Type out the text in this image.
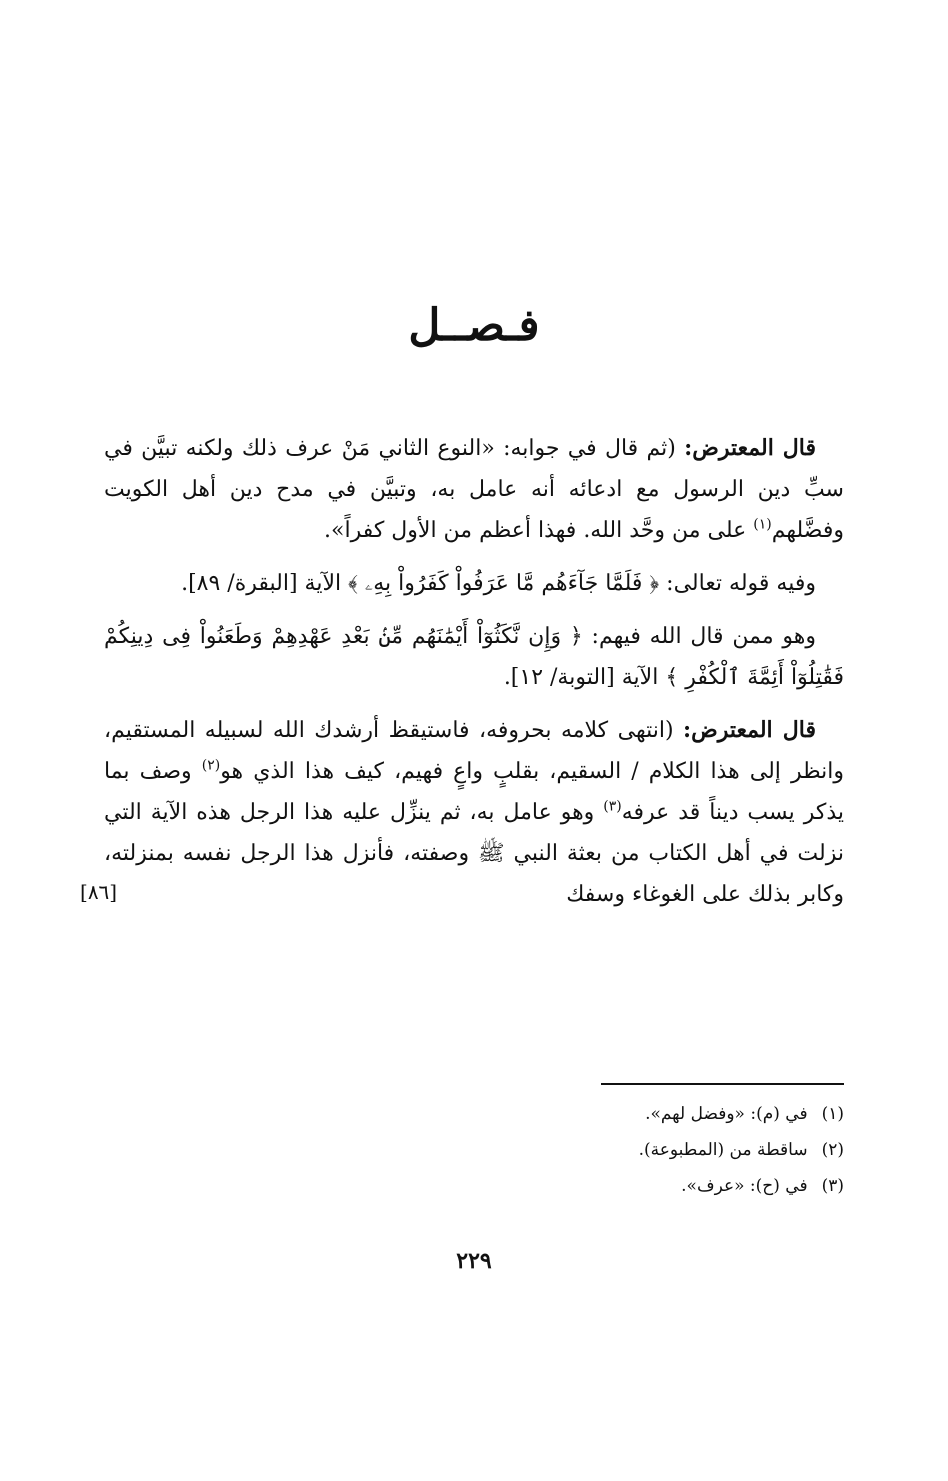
فـصــل

قال المعترض: (ثم قال في جوابه: «النوع الثاني مَنْ عرف ذلك ولكنه تبيَّن في سبِّ دين الرسول مع ادعائه أنه عامل به، وتبيَّن في مدح دين أهل الكويت وفضَّلهم$^{(١)}$ على من وحَّد الله. فهذا أعظم من الأول كفراً».

وفيه قوله تعالى: ﴿ فَلَمَّا جَآءَهُم مَّا عَرَفُواْ كَفَرُواْ بِهِۦ ﴾ الآية [البقرة/ ٨٩].

وهو ممن قال الله فيهم: ﴿ وَإِن نَّكَثُوٓاْ أَيْمَٰنَهُم مِّنۢ بَعْدِ عَهْدِهِمْ وَطَعَنُواْ فِى دِينِكُمْ فَقَٰتِلُوٓاْ أَئِمَّةَ ٱلْكُفْرِ ﴾ الآية [التوبة/ ١٢].

قال المعترض: (انتهى كلامه بحروفه، فاستيقظ أرشدك الله لسبيله المستقيم، وانظر إلى هذا الكلام / السقيم، بقلبٍ واعٍ فهيم، كيف هذا الذي هو$^{(٢)}$ وصف بما يذكر يسب ديناً قد عرفه$^{(٣)}$ وهو عامل به، ثم ينزِّل عليه هذا الرجل هذه الآية التي نزلت في أهل الكتاب من بعثة النبي ﷺ وصفته، فأنزل هذا الرجل نفسه بمنزلته، وكابر بذلك على الغوغاء وسفك

[٨٦]

(١)في (م): «وفضل لهم».

(٢)ساقطة من (المطبوعة).

(٣)في (ح): «عرف».

٢٢٩
